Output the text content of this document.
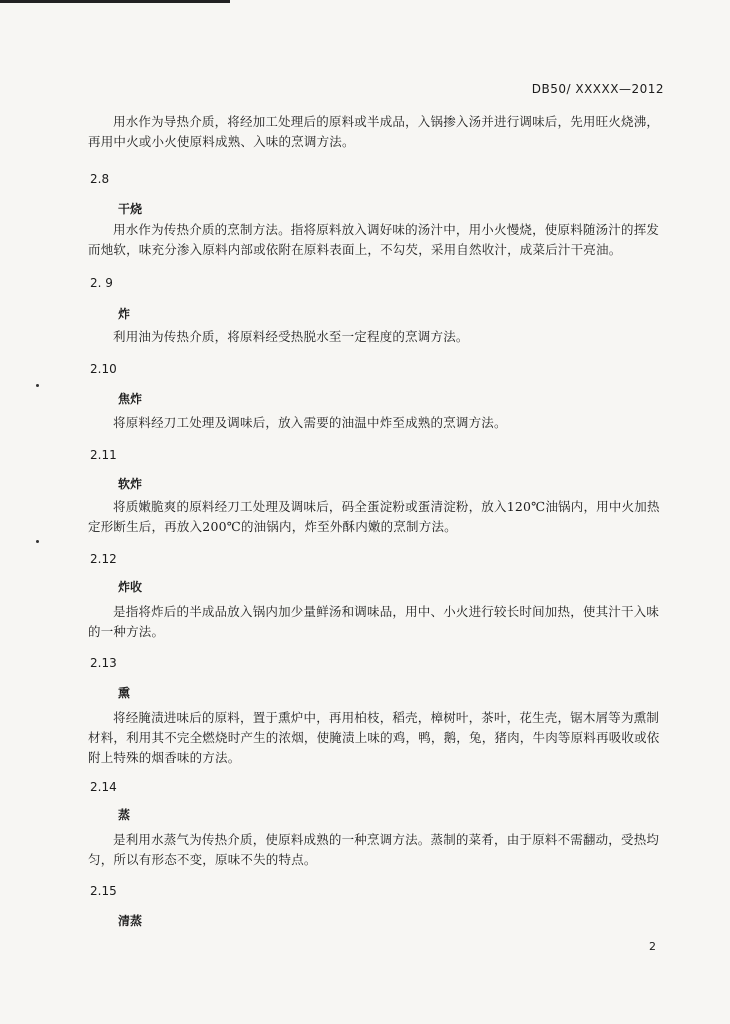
DB50/ XXXXX—2012
用水作为导热介质，将经加工处理后的原料或半成品，入锅掺入汤并进行调味后，先用旺火烧沸，再用中火或小火使原料成熟、入味的烹调方法。
2.8
干烧
用水作为传热介质的烹制方法。指将原料放入调好味的汤汁中，用小火慢烧，使原料随汤汁的挥发而灺软，味充分渗入原料内部或依附在原料表面上，不勾芡，采用自然收汁，成菜后汁干亮油。
2. 9
炸
利用油为传热介质，将原料经受热脱水至一定程度的烹调方法。
2.10
焦炸
将原料经刀工处理及调味后，放入需要的油温中炸至成熟的烹调方法。
2.11
软炸
将质嫩脆爽的原料经刀工处理及调味后，码全蛋淀粉或蛋清淀粉，放入120℃油锅内，用中火加热定形断生后，再放入200℃的油锅内，炸至外酥内嫩的烹制方法。
2.12
炸收
是指将炸后的半成品放入锅内加少量鲜汤和调味品，用中、小火进行较长时间加热，使其汁干入味的一种方法。
2.13
熏
将经腌渍进味后的原料，置于熏炉中，再用柏枝，稻壳，樟树叶，茶叶，花生壳，锯木屑等为熏制材料，利用其不完全燃烧时产生的浓烟，使腌渍上味的鸡，鸭，鹅，兔，猪肉，牛肉等原料再吸收或依附上特殊的烟香味的方法。
2.14
蒸
是利用水蒸气为传热介质，使原料成熟的一种烹调方法。蒸制的菜肴，由于原料不需翻动，受热均匀，所以有形态不变，原味不失的特点。
2.15
清蒸
2
